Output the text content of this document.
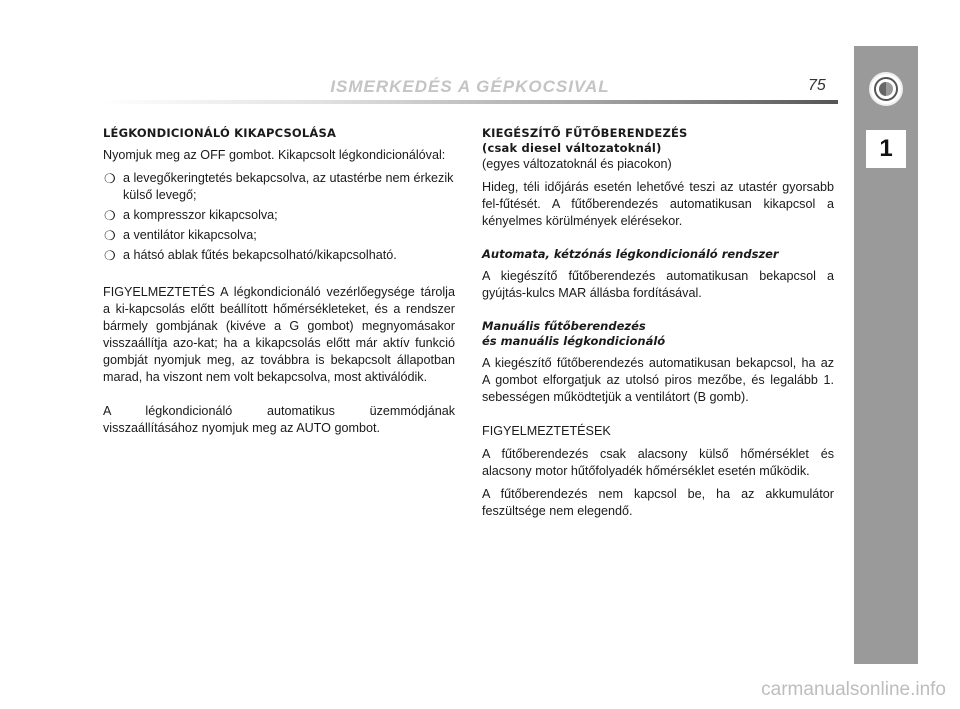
ISMERKEDÉS A GÉPKOCSIVAL	75
1
LÉGKONDICIONÁLÓ KIKAPCSOLÁSA

Nyomjuk meg az OFF gombot. Kikapcsolt légkondicionálóval:

❍ a levegőkeringtetés bekapcsolva, az utastérbe nem érkezik külső levegő;
❍ a kompresszor kikapcsolva;
❍ a ventilátor kikapcsolva;
❍ a hátsó ablak fűtés bekapcsolható/kikapcsolható.

FIGYELMEZTETÉS A légkondicionáló vezérlőegysége tárolja a ki-kapcsolás előtt beállított hőmérsékleteket, és a rendszer bármely gombjának (kivéve a G gombot) megnyomásakor visszaállítja azo-kat; ha a kikapcsolás előtt már aktív funkció gombját nyomjuk meg, az továbbra is bekapcsolt állapotban marad, ha viszont nem volt bekapcsolva, most aktiválódik.

A légkondicionáló automatikus üzemmódjának visszaállításához nyomjuk meg az AUTO gombot.

KIEGÉSZÍTŐ FŰTŐBERENDEZÉS
(csak diesel változatoknál)

(egyes változatoknál és piacokon)

Hideg, téli időjárás esetén lehetővé teszi az utastér gyorsabb fel-fűtését. A fűtőberendezés automatikusan kikapcsol a kényelmes körülmények elérésekor.

Automata, kétzónás légkondicionáló rendszer

A kiegészítő fűtőberendezés automatikusan bekapcsol a gyújtás-kulcs MAR állásba fordításával.

Manuális fűtőberendezés
és manuális légkondicionáló

A kiegészítő fűtőberendezés automatikusan bekapcsol, ha az A gombot elforgatjuk az utolsó piros mezőbe, és legalább 1. sebességen működtetjük a ventilátort (B gomb).

FIGYELMEZTETÉSEK

A fűtőberendezés csak alacsony külső hőmérséklet és alacsony motor hűtőfolyadék hőmérséklet esetén működik.

A fűtőberendezés nem kapcsol be, ha az akkumulátor feszültsége nem elegendő.

carmanualsonline.info
